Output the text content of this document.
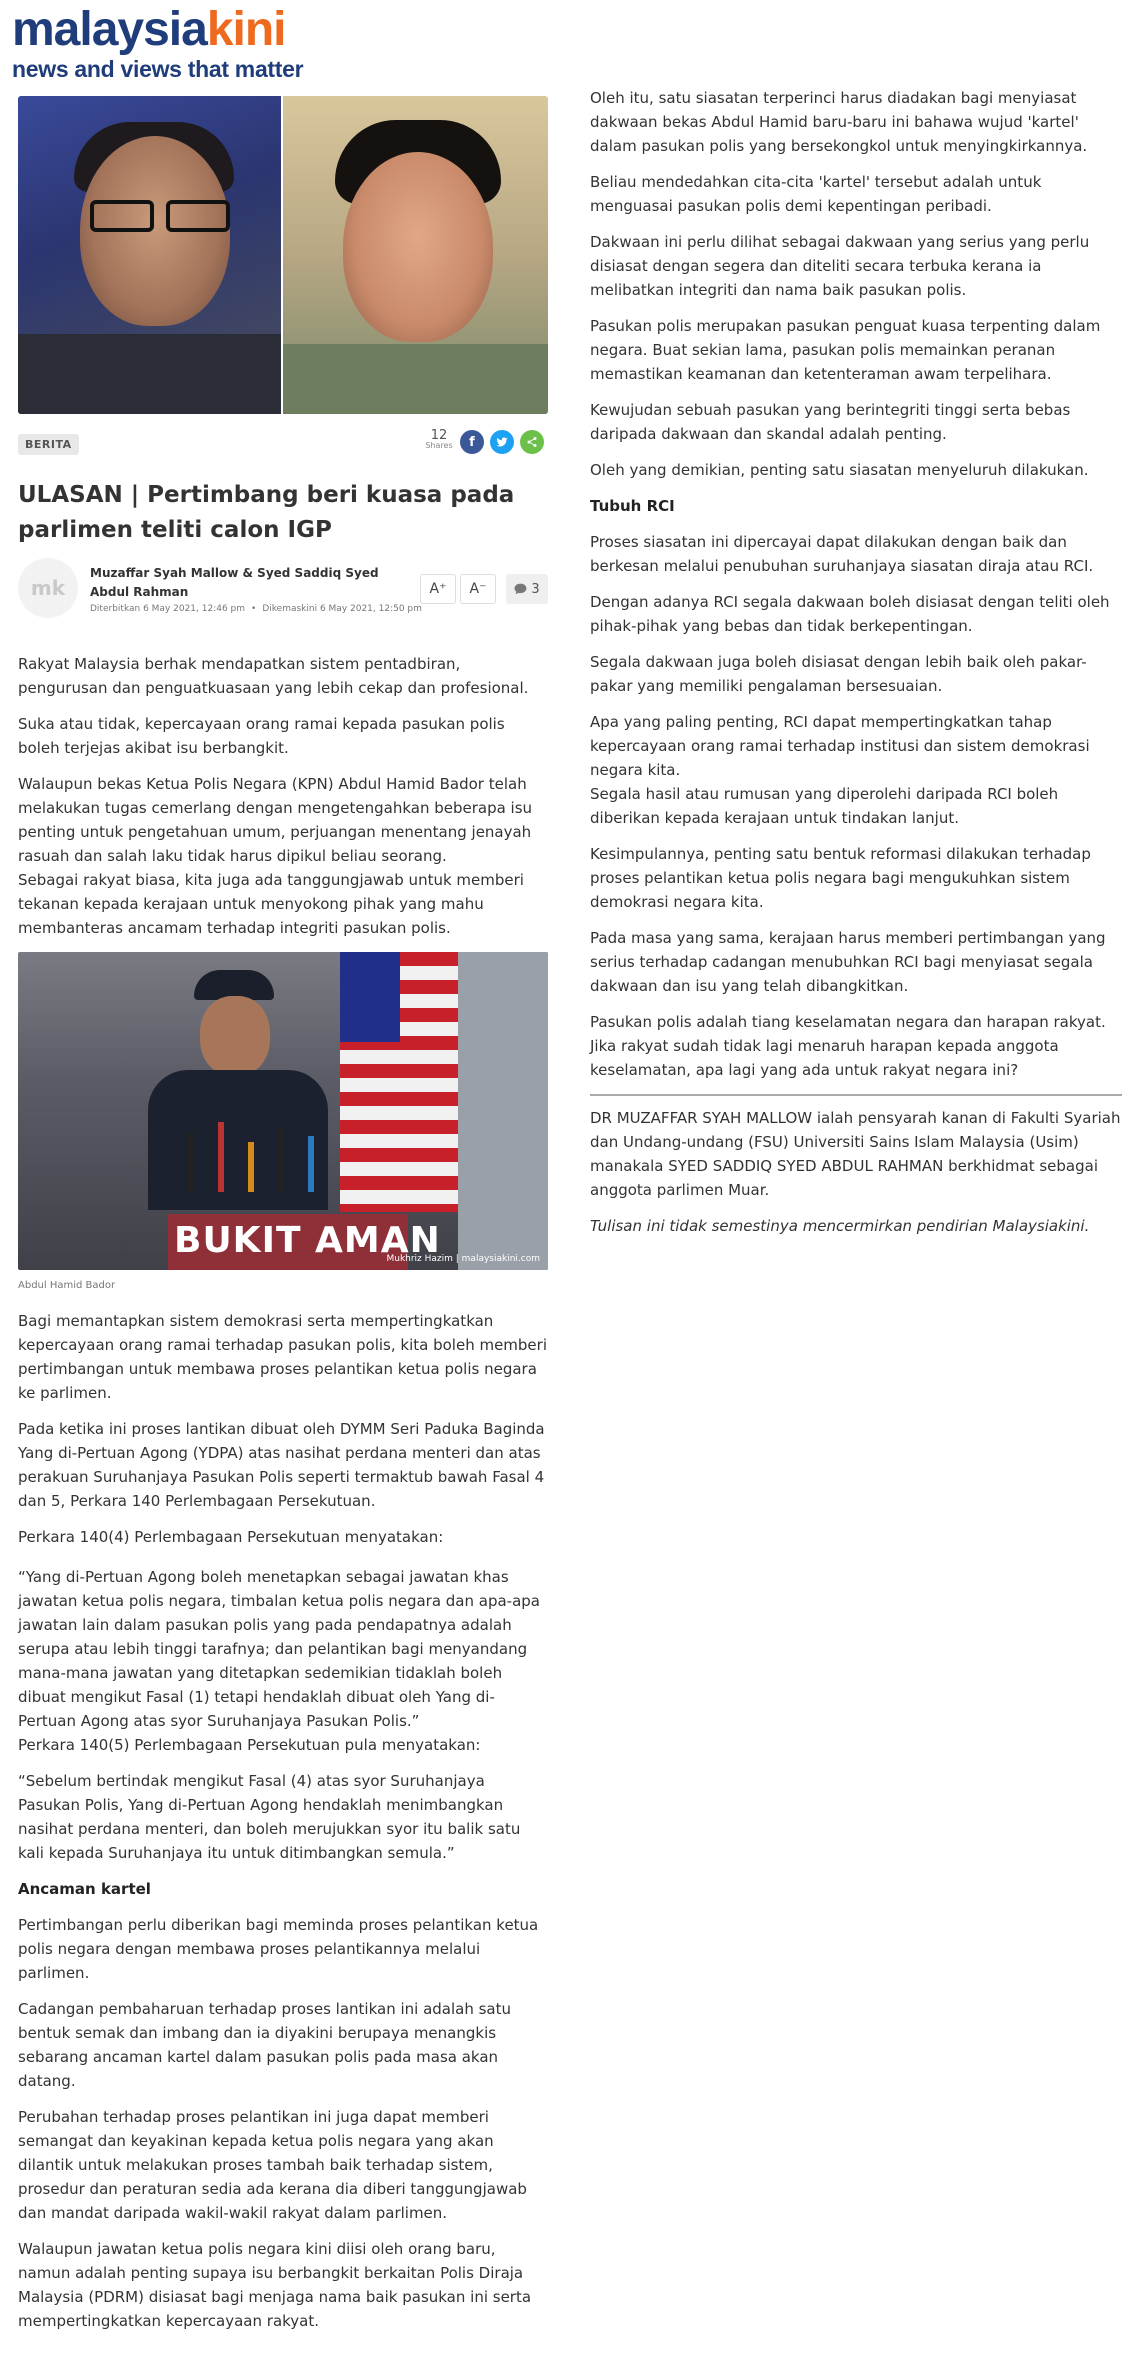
malaysiakini
news and views that matter
BERITA
12
Shares	f
ULASAN | Pertimbang beri kuasa pada parlimen teliti calon IGP
mk
Muzaffar Syah Mallow & Syed Saddiq Syed Abdul Rahman
Diterbitkan 6 May 2021, 12:46 pm • Dikemaskini 6 May 2021, 12:50 pm
A⁺	A⁻	3

Rakyat Malaysia berhak mendapatkan sistem pentadbiran, pengurusan dan penguatkuasaan yang lebih cekap dan profesional.

Suka atau tidak, kepercayaan orang ramai kepada pasukan polis boleh terjejas akibat isu berbangkit.

Walaupun bekas Ketua Polis Negara (KPN) Abdul Hamid Bador telah melakukan tugas cemerlang dengan mengetengahkan beberapa isu penting untuk pengetahuan umum, perjuangan menentang jenayah rasuah dan salah laku tidak harus dipikul beliau seorang.

Sebagai rakyat biasa, kita juga ada tanggungjawab untuk memberi tekanan kepada kerajaan untuk menyokong pihak yang mahu membanteras ancamam terhadap integriti pasukan polis.

BUKIT AMAN
Mukhriz Hazim | malaysiakini.com
Abdul Hamid Bador

Bagi memantapkan sistem demokrasi serta mempertingkatkan kepercayaan orang ramai terhadap pasukan polis, kita boleh memberi pertimbangan untuk membawa proses pelantikan ketua polis negara ke parlimen.

Pada ketika ini proses lantikan dibuat oleh DYMM Seri Paduka Baginda Yang di-Pertuan Agong (YDPA) atas nasihat perdana menteri dan atas perakuan Suruhanjaya Pasukan Polis seperti termaktub bawah Fasal 4 dan 5, Perkara 140 Perlembagaan Persekutuan.

Perkara 140(4) Perlembagaan Persekutuan menyatakan:

“Yang di-Pertuan Agong boleh menetapkan sebagai jawatan khas jawatan ketua polis negara, timbalan ketua polis negara dan apa-apa jawatan lain dalam pasukan polis yang pada pendapatnya adalah serupa atau lebih tinggi tarafnya; dan pelantikan bagi menyandang mana-mana jawatan yang ditetapkan sedemikian tidaklah boleh dibuat mengikut Fasal (1) tetapi hendaklah dibuat oleh Yang di-Pertuan Agong atas syor Suruhanjaya Pasukan Polis.”

Perkara 140(5) Perlembagaan Persekutuan pula menyatakan:

“Sebelum bertindak mengikut Fasal (4) atas syor Suruhanjaya Pasukan Polis, Yang di-Pertuan Agong hendaklah menimbangkan nasihat perdana menteri, dan boleh merujukkan syor itu balik satu kali kepada Suruhanjaya itu untuk ditimbangkan semula.”

Ancaman kartel

Pertimbangan perlu diberikan bagi meminda proses pelantikan ketua polis negara dengan membawa proses pelantikannya melalui parlimen.

Cadangan pembaharuan terhadap proses lantikan ini adalah satu bentuk semak dan imbang dan ia diyakini berupaya menangkis sebarang ancaman kartel dalam pasukan polis pada masa akan datang.

Perubahan terhadap proses pelantikan ini juga dapat memberi semangat dan keyakinan kepada ketua polis negara yang akan dilantik untuk melakukan proses tambah baik terhadap sistem, prosedur dan peraturan sedia ada kerana dia diberi tanggungjawab dan mandat daripada wakil-wakil rakyat dalam parlimen.

Walaupun jawatan ketua polis negara kini diisi oleh orang baru, namun adalah penting supaya isu berbangkit berkaitan Polis Diraja Malaysia (PDRM) disiasat bagi menjaga nama baik pasukan ini serta mempertingkatkan kepercayaan rakyat.

Oleh itu, satu siasatan terperinci harus diadakan bagi menyiasat dakwaan bekas Abdul Hamid baru-baru ini bahawa wujud 'kartel' dalam pasukan polis yang bersekongkol untuk menyingkirkannya.

Beliau mendedahkan cita-cita 'kartel' tersebut adalah untuk menguasai pasukan polis demi kepentingan peribadi.

Dakwaan ini perlu dilihat sebagai dakwaan yang serius yang perlu disiasat dengan segera dan diteliti secara terbuka kerana ia melibatkan integriti dan nama baik pasukan polis.

Pasukan polis merupakan pasukan penguat kuasa terpenting dalam negara. Buat sekian lama, pasukan polis memainkan peranan memastikan keamanan dan ketenteraman awam terpelihara.

Kewujudan sebuah pasukan yang berintegriti tinggi serta bebas daripada dakwaan dan skandal adalah penting.

Oleh yang demikian, penting satu siasatan menyeluruh dilakukan.

Tubuh RCI

Proses siasatan ini dipercayai dapat dilakukan dengan baik dan berkesan melalui penubuhan suruhanjaya siasatan diraja atau RCI.

Dengan adanya RCI segala dakwaan boleh disiasat dengan teliti oleh pihak-pihak yang bebas dan tidak berkepentingan.

Segala dakwaan juga boleh disiasat dengan lebih baik oleh pakar-pakar yang memiliki pengalaman bersesuaian.

Apa yang paling penting, RCI dapat mempertingkatkan tahap kepercayaan orang ramai terhadap institusi dan sistem demokrasi negara kita.

Segala hasil atau rumusan yang diperolehi daripada RCI boleh diberikan kepada kerajaan untuk tindakan lanjut.

Kesimpulannya, penting satu bentuk reformasi dilakukan terhadap proses pelantikan ketua polis negara bagi mengukuhkan sistem demokrasi negara kita.

Pada masa yang sama, kerajaan harus memberi pertimbangan yang serius terhadap cadangan menubuhkan RCI bagi menyiasat segala dakwaan dan isu yang telah dibangkitkan.

Pasukan polis adalah tiang keselamatan negara dan harapan rakyat. Jika rakyat sudah tidak lagi menaruh harapan kepada anggota keselamatan, apa lagi yang ada untuk rakyat negara ini?

DR MUZAFFAR SYAH MALLOW ialah pensyarah kanan di Fakulti Syariah dan Undang-undang (FSU) Universiti Sains Islam Malaysia (Usim) manakala SYED SADDIQ SYED ABDUL RAHMAN berkhidmat sebagai anggota parlimen Muar.

Tulisan ini tidak semestinya mencermirkan pendirian Malaysiakini.
